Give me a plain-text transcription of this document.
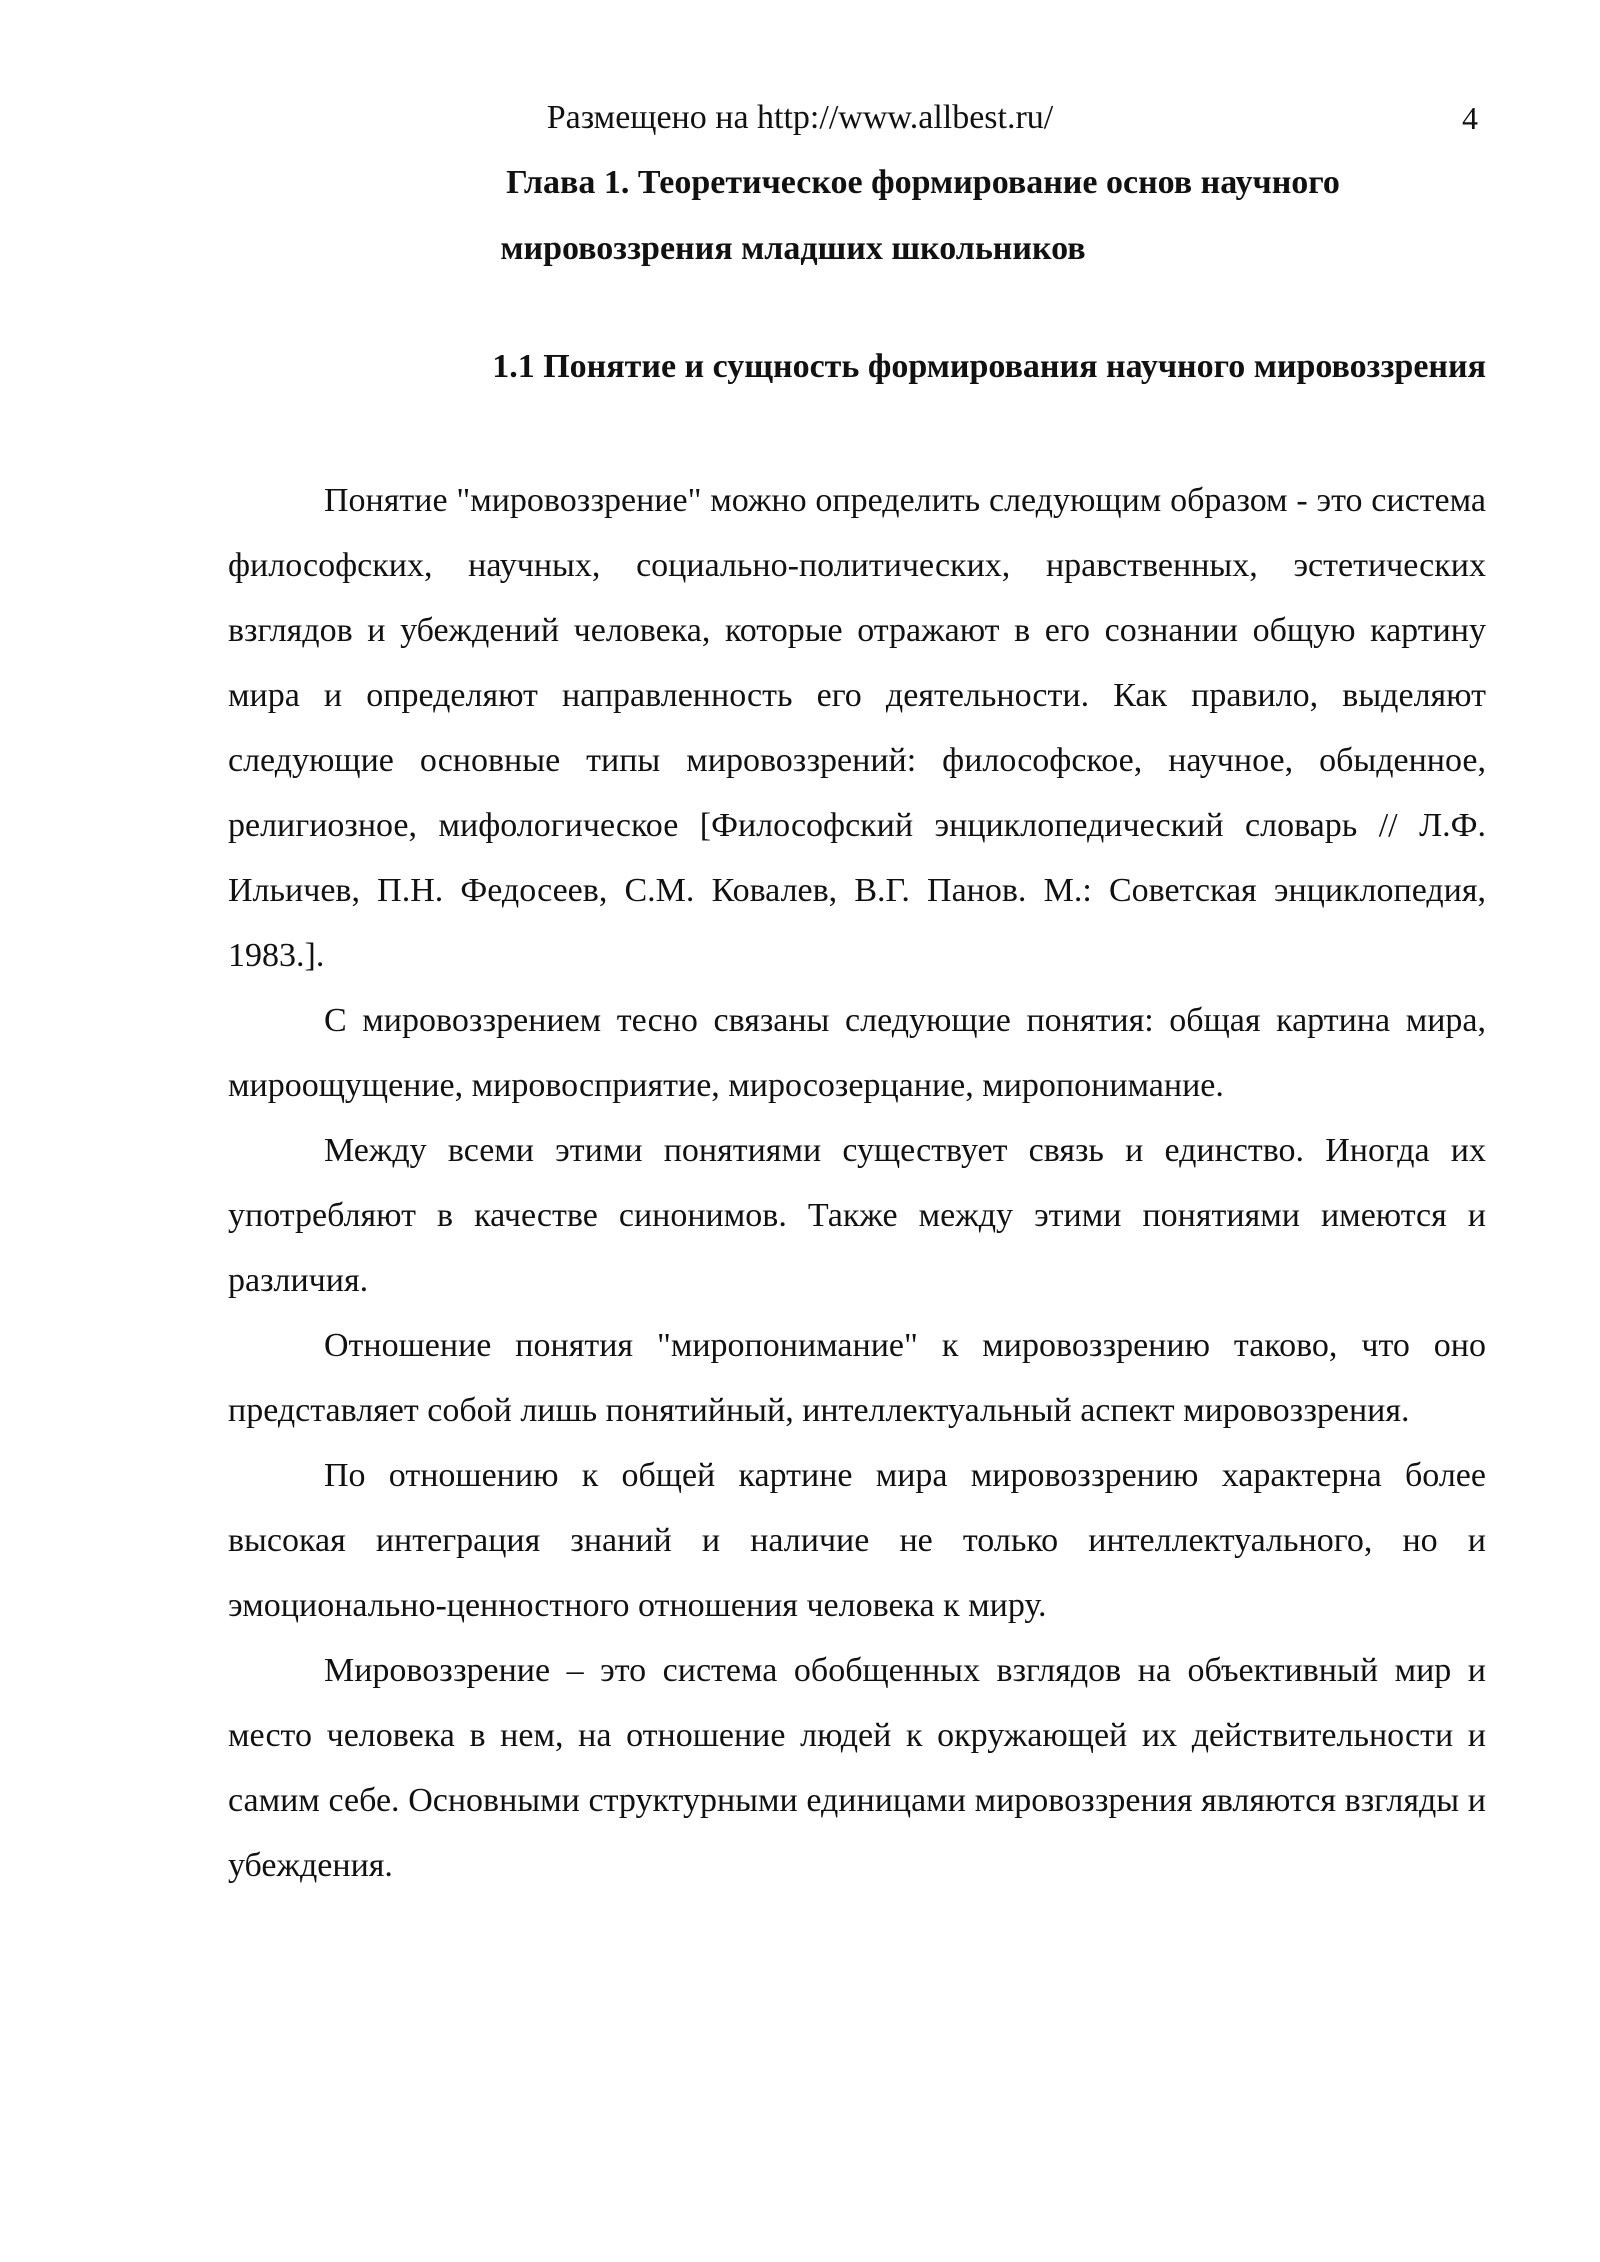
Размещено на http://www.allbest.ru/	4
Глава 1. Теоретическое формирование основ научного
мировоззрения младших школьников
1.1 Понятие и сущность формирования научного мировоззрения

Понятие "мировоззрение" можно определить следующим образом - это система философских, научных, социально-политических, нравственных, эстетических взглядов и убеждений человека, которые отражают в его сознании общую картину мира и определяют направленность его деятельности. Как правило, выделяют следующие основные типы мировоззрений: философское, научное, обыденное, религиозное, мифологическое [Философский энциклопедический словарь // Л.Ф. Ильичев, П.Н. Федосеев, С.М. Ковалев, В.Г. Панов. М.: Советская энциклопедия, 1983.].

С мировоззрением тесно связаны следующие понятия: общая картина мира, мироощущение, мировосприятие, миросозерцание, миропонимание.

Между всеми этими понятиями существует связь и единство. Иногда их употребляют в качестве синонимов. Также между этими понятиями имеются и различия.

Отношение понятия "миропонимание" к мировоззрению таково, что оно представляет собой лишь понятийный, интеллектуальный аспект мировоззрения.

По отношению к общей картине мира мировоззрению характерна более высокая интеграция знаний и наличие не только интеллектуального, но и эмоционально-ценностного отношения человека к миру.

Мировоззрение – это система обобщенных взглядов на объективный мир и место человека в нем, на отношение людей к окружающей их действительности и самим себе. Основными структурными единицами мировоззрения являются взгляды и убеждения.
